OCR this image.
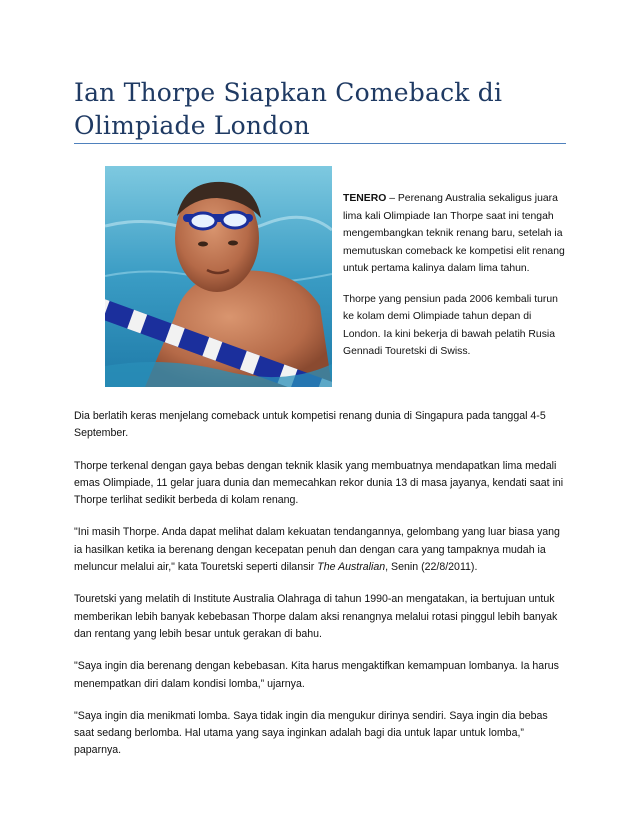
Ian Thorpe Siapkan Comeback di
Olimpiade London

TENERO – Perenang Australia sekaligus juara lima kali Olimpiade Ian Thorpe saat ini tengah mengembangkan teknik renang baru, setelah ia memutuskan comeback ke kompetisi elit renang untuk pertama kalinya dalam lima tahun.

Thorpe yang pensiun pada 2006 kembali turun ke kolam demi Olimpiade tahun depan di London. Ia kini bekerja di bawah pelatih Rusia Gennadi Touretski di Swiss.

Dia berlatih keras menjelang comeback untuk kompetisi renang dunia di Singapura pada tanggal 4-5 September.

Thorpe terkenal dengan gaya bebas dengan teknik klasik yang membuatnya mendapatkan lima medali emas Olimpiade, 11 gelar juara dunia dan memecahkan rekor dunia 13 di masa jayanya, kendati saat ini Thorpe terlihat sedikit berbeda di kolam renang.

"Ini masih Thorpe. Anda dapat melihat dalam kekuatan tendangannya, gelombang yang luar biasa yang ia hasilkan ketika ia berenang dengan kecepatan penuh dan dengan cara yang tampaknya mudah ia meluncur melalui air," kata Touretski seperti dilansir The Australian, Senin (22/8/2011).

Touretski yang melatih di Institute Australia Olahraga di tahun 1990-an mengatakan, ia bertujuan untuk memberikan lebih banyak kebebasan Thorpe dalam aksi renangnya melalui rotasi pinggul lebih banyak dan rentang yang lebih besar untuk gerakan di bahu.

"Saya ingin dia berenang dengan kebebasan. Kita harus mengaktifkan kemampuan lombanya. Ia harus menempatkan diri dalam kondisi lomba,” ujarnya.

"Saya ingin dia menikmati lomba. Saya tidak ingin dia mengukur dirinya sendiri. Saya ingin dia bebas saat sedang berlomba. Hal utama yang saya inginkan adalah bagi dia untuk lapar untuk lomba,” paparnya.
